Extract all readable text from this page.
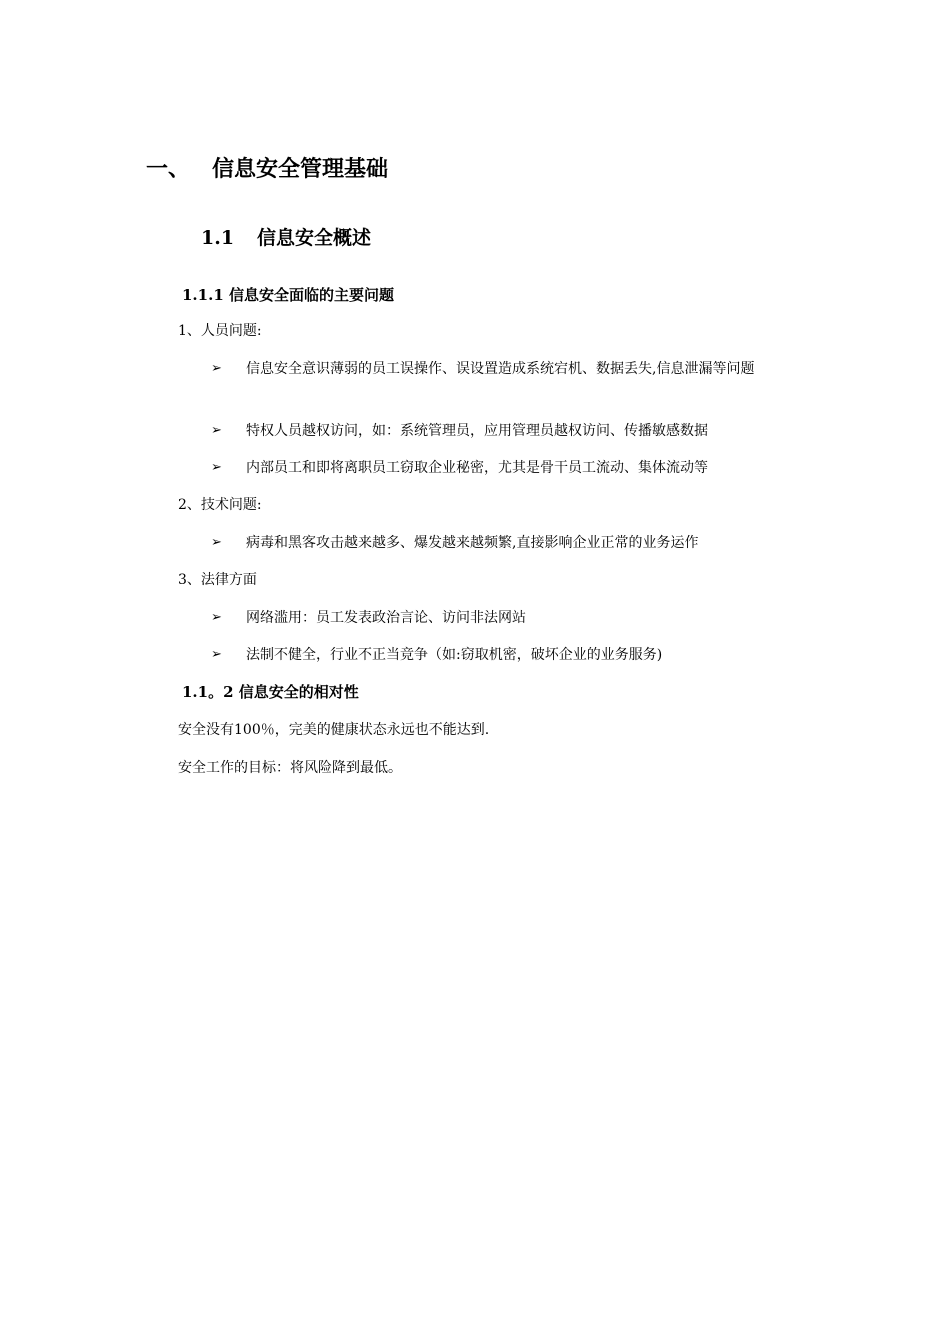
一、 信息安全管理基础
1.1 信息安全概述
1.1.1 信息安全面临的主要问题
1、人员问题:
➢	信息安全意识薄弱的员工误操作、误设置造成系统宕机、数据丢失,信息泄漏等问题
➢	特权人员越权访问，如：系统管理员，应用管理员越权访问、传播敏感数据
➢	内部员工和即将离职员工窃取企业秘密，尤其是骨干员工流动、集体流动等
2、技术问题:
➢	病毒和黑客攻击越来越多、爆发越来越频繁,直接影响企业正常的业务运作
3、法律方面
➢	网络滥用：员工发表政治言论、访问非法网站
➢	法制不健全，行业不正当竞争（如:窃取机密，破坏企业的业务服务)
1.1。2 信息安全的相对性
安全没有100％，完美的健康状态永远也不能达到.
安全工作的目标：将风险降到最低。
